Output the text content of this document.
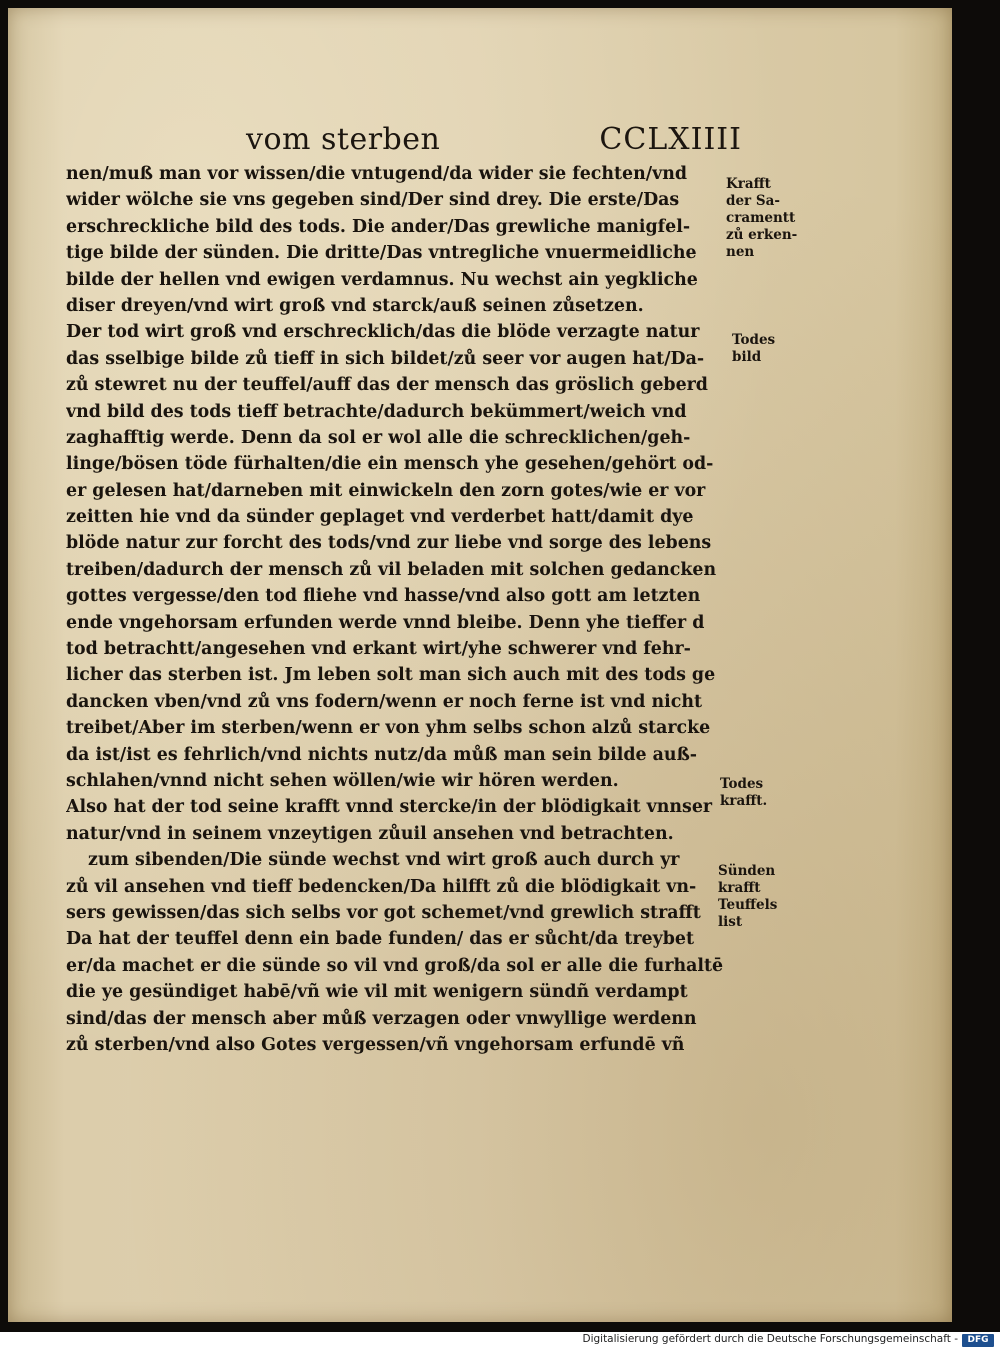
vom sterben	CCLXIIII
nen/muß man vor wissen/die vntugend/da wider sie fechten/vnd
wider wölche sie vns gegeben sind/Der sind drey. Die erste/Das
erschreckliche bild des tods. Die ander/Das grewliche manigfel-
tige bilde der sünden. Die dritte/Das vntregliche vnuermeidliche
bilde der hellen vnd ewigen verdamnus. Nu wechst ain yegkliche
diser dreyen/vnd wirt groß vnd starck/auß seinen zůsetzen.
Der tod wirt groß vnd erschrecklich/das die blöde verzagte natur
das sselbige bilde zů tieff in sich bildet/zů seer vor augen hat/Da-
zů stewret nu der teuffel/auff das der mensch das gröslich geberd
vnd bild des tods tieff betrachte/dadurch bekümmert/weich vnd
zaghafftig werde. Denn da sol er wol alle die schrecklichen/geh-
linge/bösen töde fürhalten/die ein mensch yhe gesehen/gehört od-
er gelesen hat/darneben mit einwickeln den zorn gotes/wie er vor
zeitten hie vnd da sünder geplaget vnd verderbet hatt/damit dye
blöde natur zur forcht des tods/vnd zur liebe vnd sorge des lebens
treiben/dadurch der mensch zů vil beladen mit solchen gedancken
gottes vergesse/den tod fliehe vnd hasse/vnd also gott am letzten
ende vngehorsam erfunden werde vnnd bleibe. Denn yhe tieffer d
tod betrachtt/angesehen vnd erkant wirt/yhe schwerer vnd fehr-
licher das sterben ist. Jm leben solt man sich auch mit des tods ge
dancken vben/vnd zů vns fodern/wenn er noch ferne ist vnd nicht
treibet/Aber im sterben/wenn er von yhm selbs schon alzů starcke
da ist/ist es fehrlich/vnd nichts nutz/da můß man sein bilde auß-
schlahen/vnnd nicht sehen wöllen/wie wir hören werden.
Also hat der tod seine krafft vnnd stercke/in der blödigkait vnnser
natur/vnd in seinem vnzeytigen zůuil ansehen vnd betrachten.
zum sibenden/Die sünde wechst vnd wirt groß auch durch yr
zů vil ansehen vnd tieff bedencken/Da hilfft zů die blödigkait vn-
sers gewissen/das sich selbs vor got schemet/vnd grewlich strafft
Da hat der teuffel denn ein bade funden/ das er sůcht/da treybet
er/da machet er die sünde so vil vnd groß/da sol er alle die furhaltē
die ye gesündiget habē/vñ wie vil mit wenigern sündñ verdampt
sind/das der mensch aber můß verzagen oder vnwyllige werdenn
zů sterben/vnd also Gotes vergessen/vñ vngehorsam erfundē vñ
Krafft
der Sa-
cramentt
zů erken-
nen
Todes
bild
Todes
krafft.
Sünden
krafft
Teuffels
list
Digitalisierung gefördert durch die Deutsche Forschungsgemeinschaft -	DFG
